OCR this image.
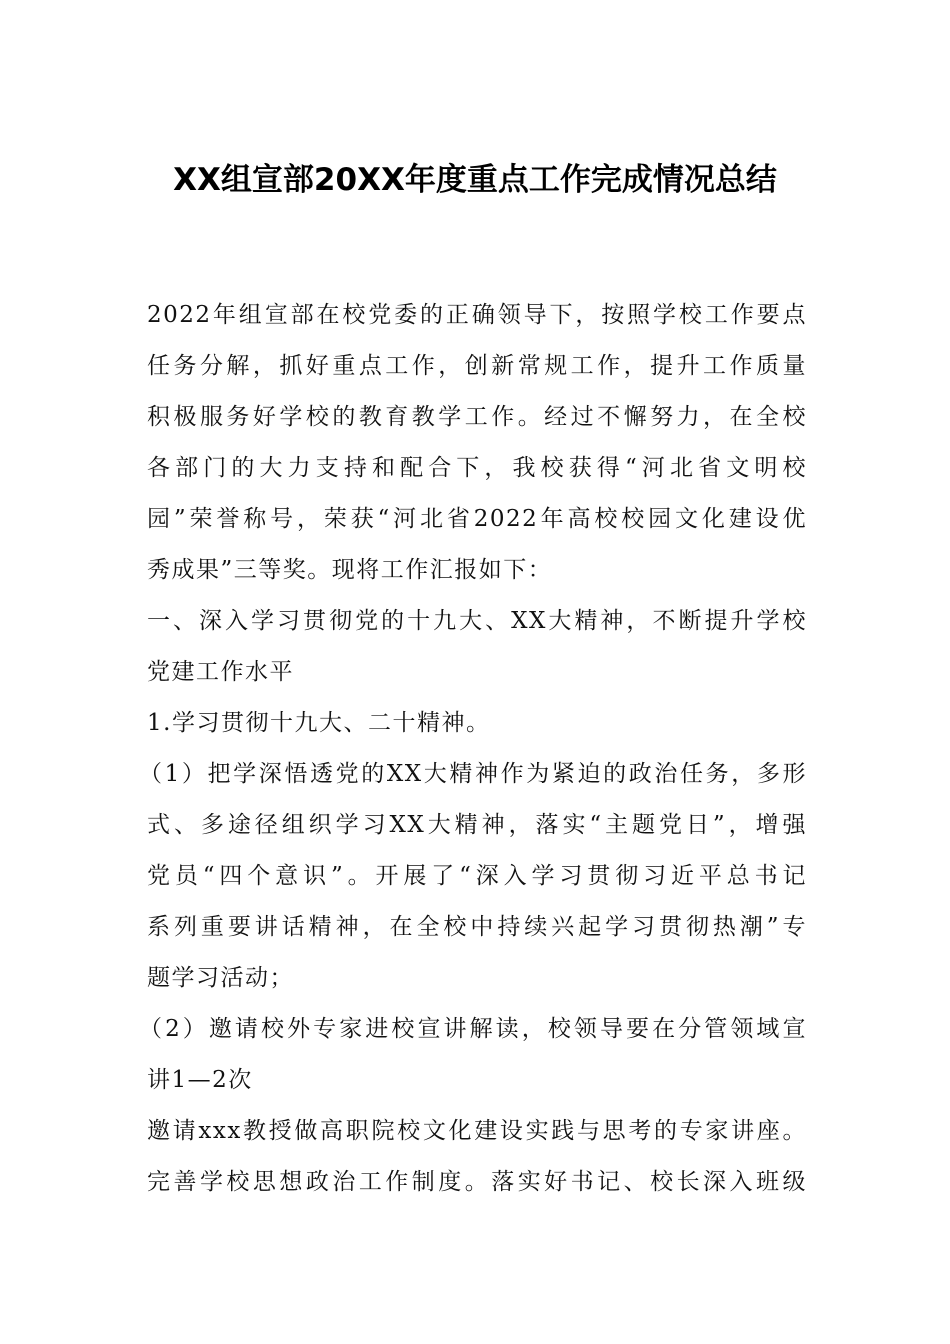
XX组宣部20XX年度重点工作完成情况总结
2022年组宣部在校党委的正确领导下，按照学校工作要点
任务分解，抓好重点工作，创新常规工作，提升工作质量
积极服务好学校的教育教学工作。经过不懈努力，在全校
各部门的大力支持和配合下，我校获得“河北省文明校
园”荣誉称号，荣获“河北省2022年高校校园文化建设优
秀成果”三等奖。现将工作汇报如下：
一、深入学习贯彻党的十九大、XX大精神，不断提升学校
党建工作水平
1.学习贯彻十九大、二十精神。
（1）把学深悟透党的XX大精神作为紧迫的政治任务，多形
式、多途径组织学习XX大精神，落实“主题党日”，增强
党员“四个意识”。开展了“深入学习贯彻习近平总书记
系列重要讲话精神，在全校中持续兴起学习贯彻热潮”专
题学习活动；
（2）邀请校外专家进校宣讲解读，校领导要在分管领域宣
讲1—2次
邀请xxx教授做高职院校文化建设实践与思考的专家讲座。
完善学校思想政治工作制度。落实好书记、校长深入班级
